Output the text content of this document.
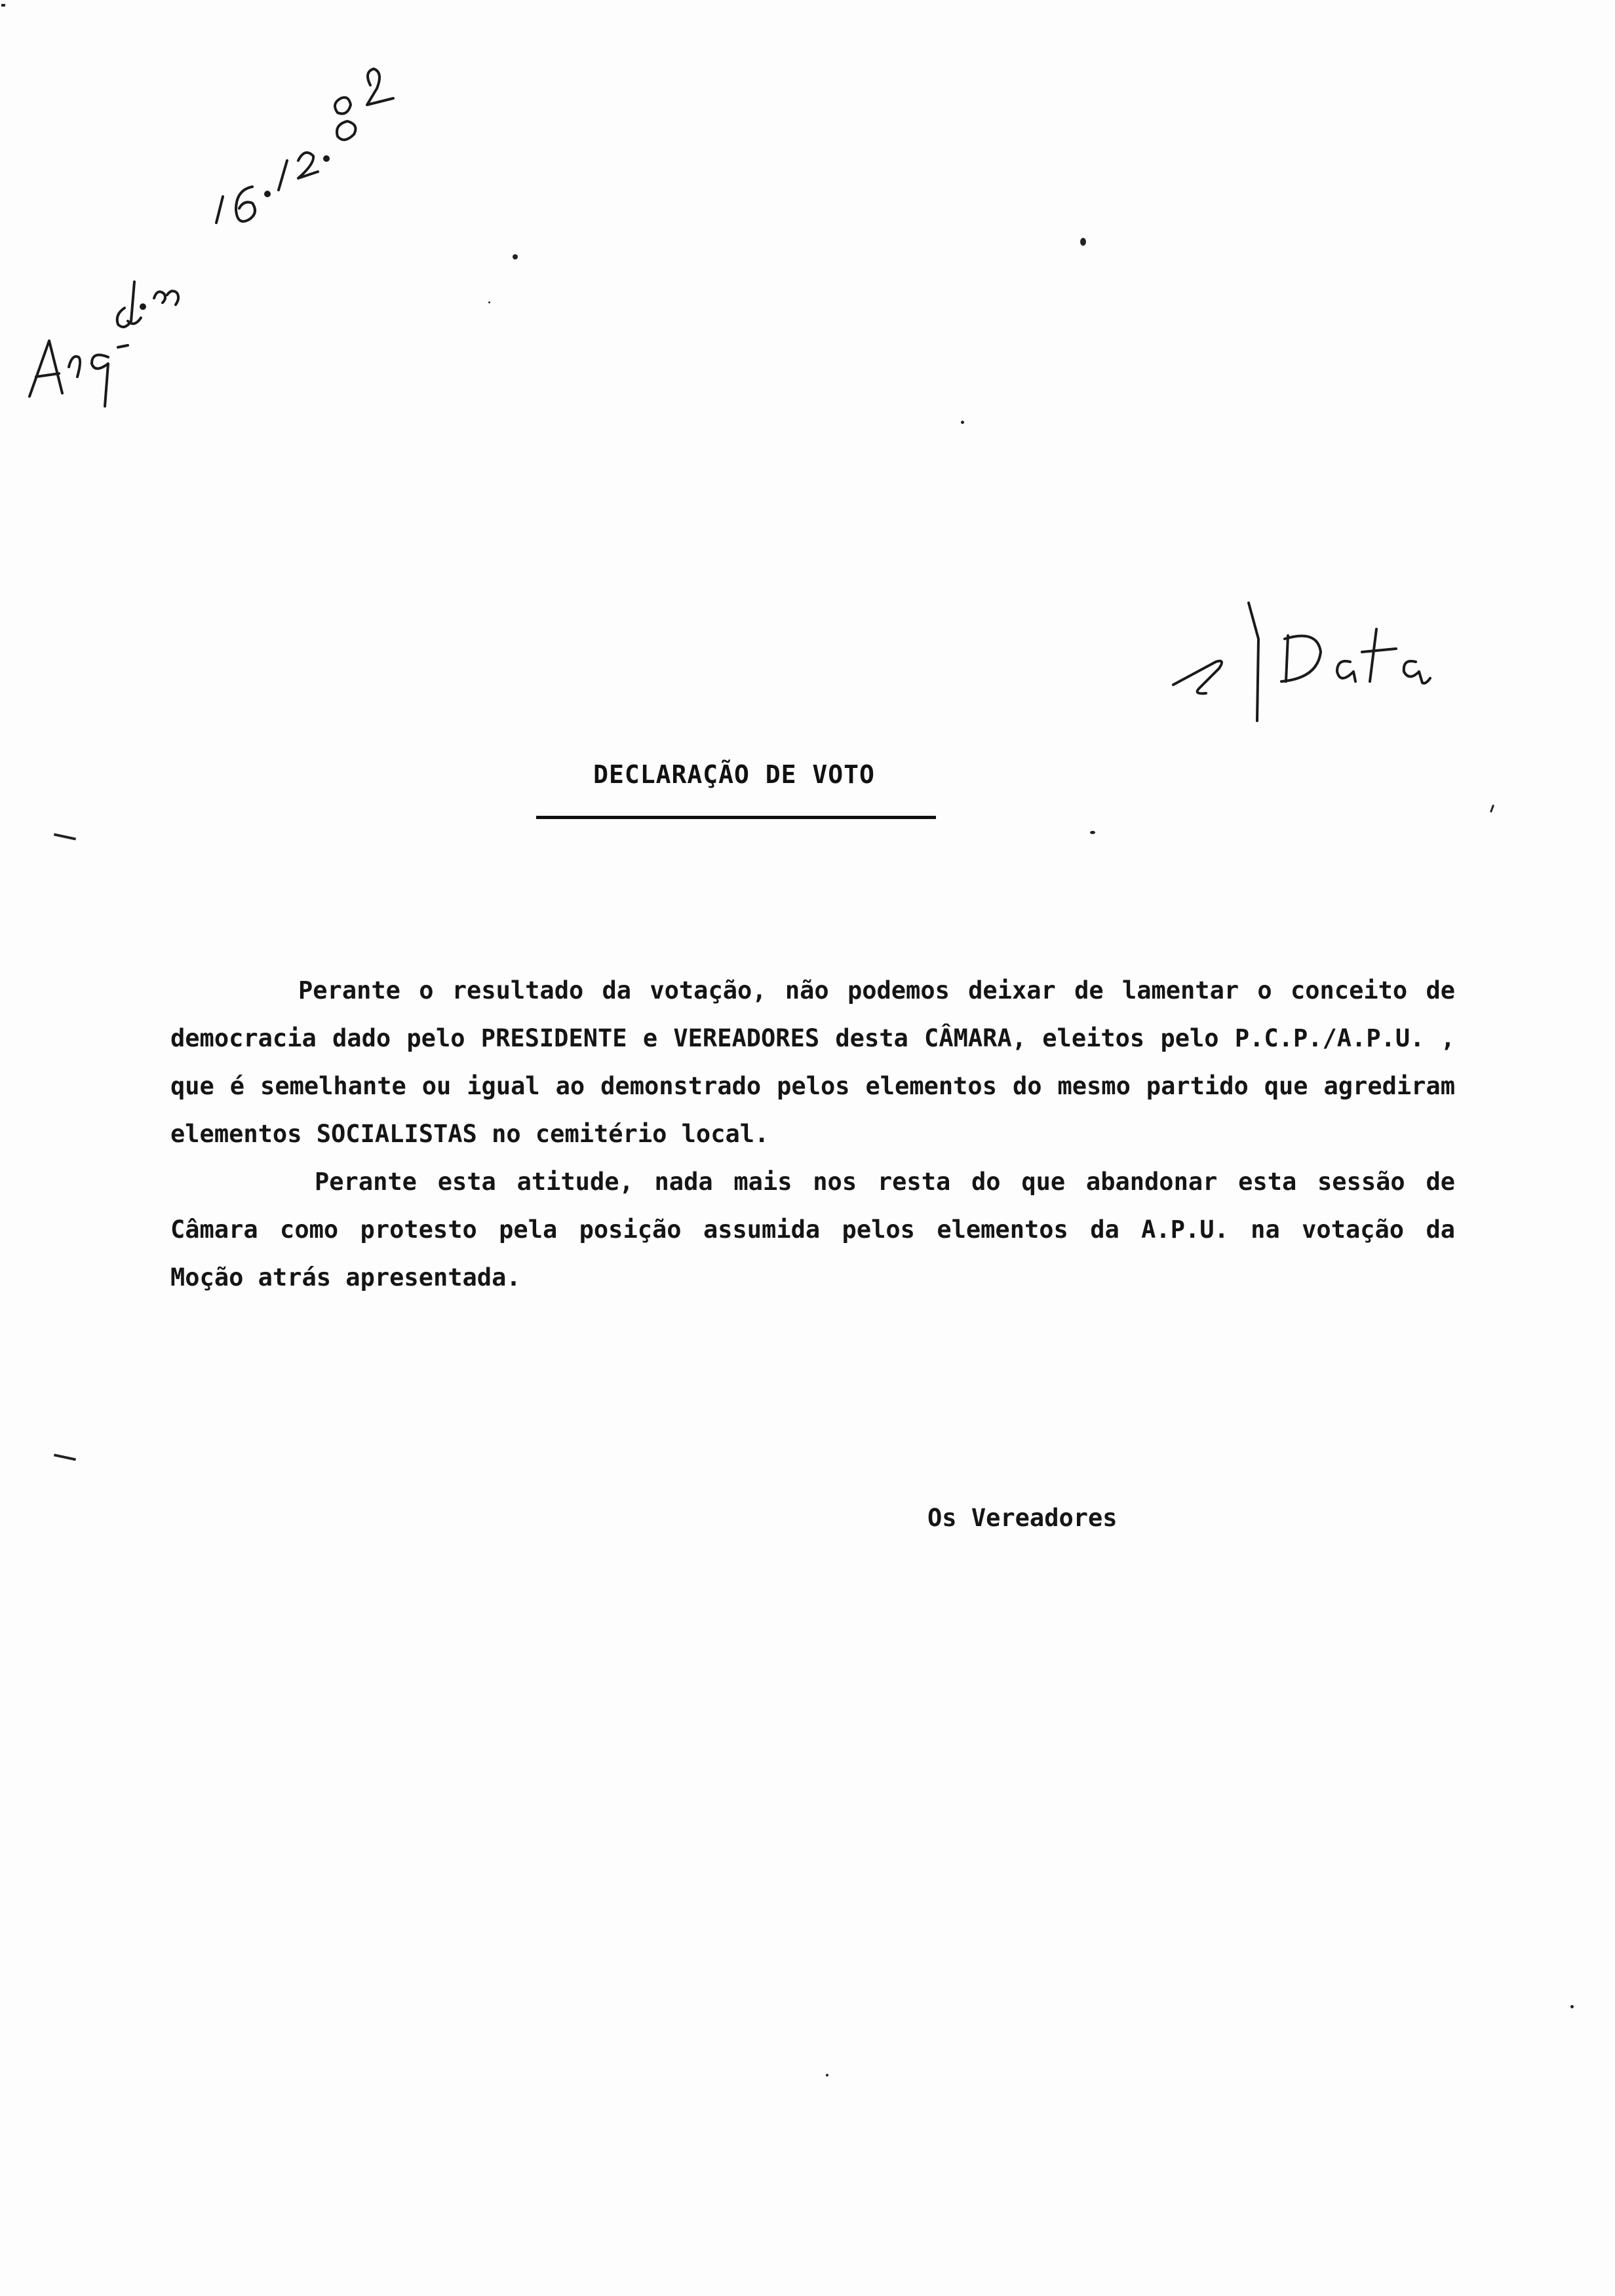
DECLARAÇÃO DE VOTO

Perante o resultado da votação, não podemos deixar de lamentar o conceito de democracia dado pelo PRESIDENTE e VEREADORES desta CÂMARA, eleitos pelo P.C.P./A.P.U. , que é semelhante ou igual ao demonstrado pelos elementos do mesmo partido que agrediram elementos SOCIALISTAS no cemitério local.

Perante esta atitude, nada mais nos resta do que abandonar esta sessão de Câmara como protesto pela posição assumida pelos elementos da A.P.U. na votação da Moção atrás apresentada.

Os Vereadores
